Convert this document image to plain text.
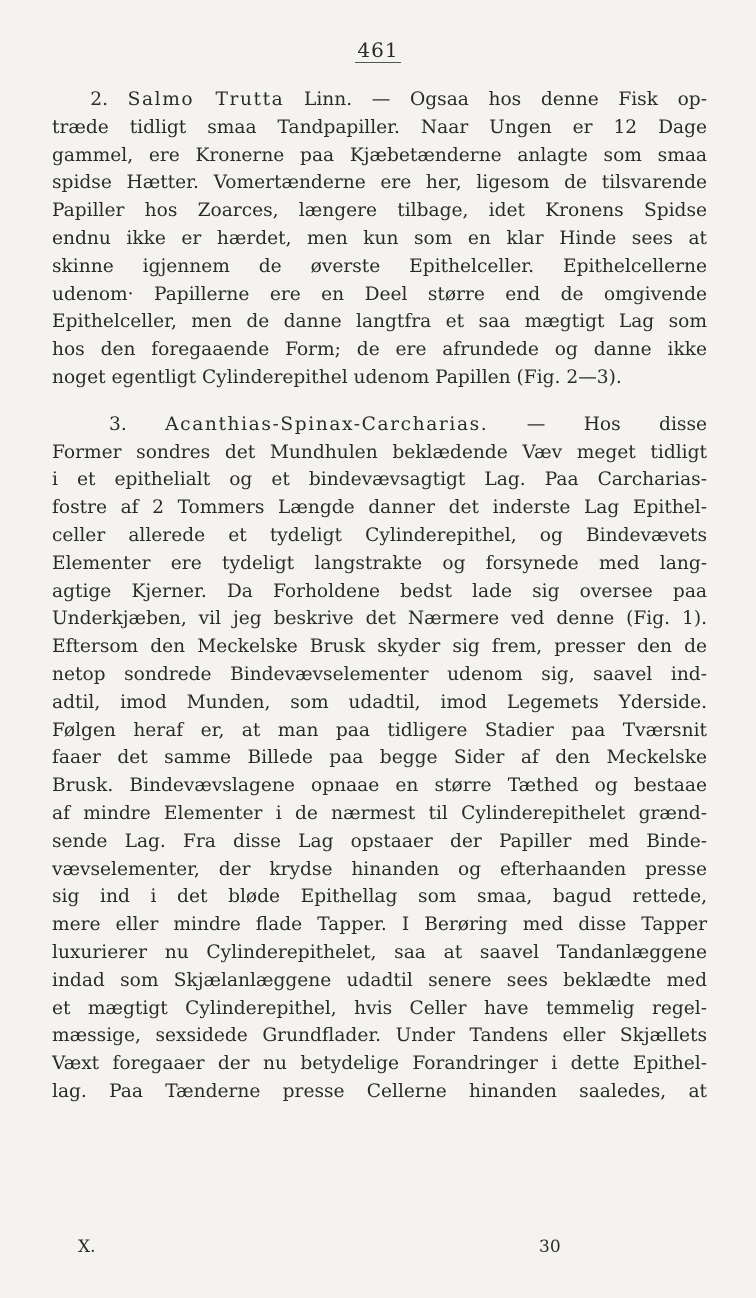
461
  2. Salmo Trutta Linn. — Ogsaa hos denne Fisk op-
træde tidligt smaa Tandpapiller. Naar Ungen er 12 Dage
gammel, ere Kronerne paa Kjæbetænderne anlagte som smaa
spidse Hætter. Vomertænderne ere her, ligesom de tilsvarende
Papiller hos Zoarces, længere tilbage, idet Kronens Spidse
endnu ikke er hærdet, men kun som en klar Hinde sees at
skinne igjennem de øverste Epithelceller. Epithelcellerne
udenom· Papillerne ere en Deel større end de omgivende
Epithelceller, men de danne langtfra et saa mægtigt Lag som
hos den foregaaende Form; de ere afrundede og danne ikke
noget egentligt Cylinderepithel udenom Papillen (Fig. 2—3).
  3. Acanthias-Spinax-Carcharias. — Hos disse
Former sondres det Mundhulen beklædende Væv meget tidligt
i et epithelialt og et bindevævsagtigt Lag. Paa Carcharias-
fostre af 2 Tommers Længde danner det inderste Lag Epithel-
celler allerede et tydeligt Cylinderepithel, og Bindevævets
Elementer ere tydeligt langstrakte og forsynede med lang-
agtige Kjerner. Da Forholdene bedst lade sig oversee paa
Underkjæben, vil jeg beskrive det Nærmere ved denne (Fig. 1).
Eftersom den Meckelske Brusk skyder sig frem, presser den de
netop sondrede Bindevævselementer udenom sig, saavel ind-
adtil, imod Munden, som udadtil, imod Legemets Yderside.
Følgen heraf er, at man paa tidligere Stadier paa Tværsnit
faaer det samme Billede paa begge Sider af den Meckelske
Brusk. Bindevævslagene opnaae en større Tæthed og bestaae
af mindre Elementer i de nærmest til Cylinderepithelet grænd-
sende Lag. Fra disse Lag opstaaer der Papiller med Binde-
vævselementer, der krydse hinanden og efterhaanden presse
sig ind i det bløde Epithellag som smaa, bagud rettede,
mere eller mindre flade Tapper. I Berøring med disse Tapper
luxurierer nu Cylinderepithelet, saa at saavel Tandanlæggene
indad som Skjælanlæggene udadtil senere sees beklædte med
et mægtigt Cylinderepithel, hvis Celler have temmelig regel-
mæssige, sexsidede Grundflader. Under Tandens eller Skjællets
Væxt foregaaer der nu betydelige Forandringer i dette Epithel-
lag. Paa Tænderne presse Cellerne hinanden saaledes, at
X.	30
